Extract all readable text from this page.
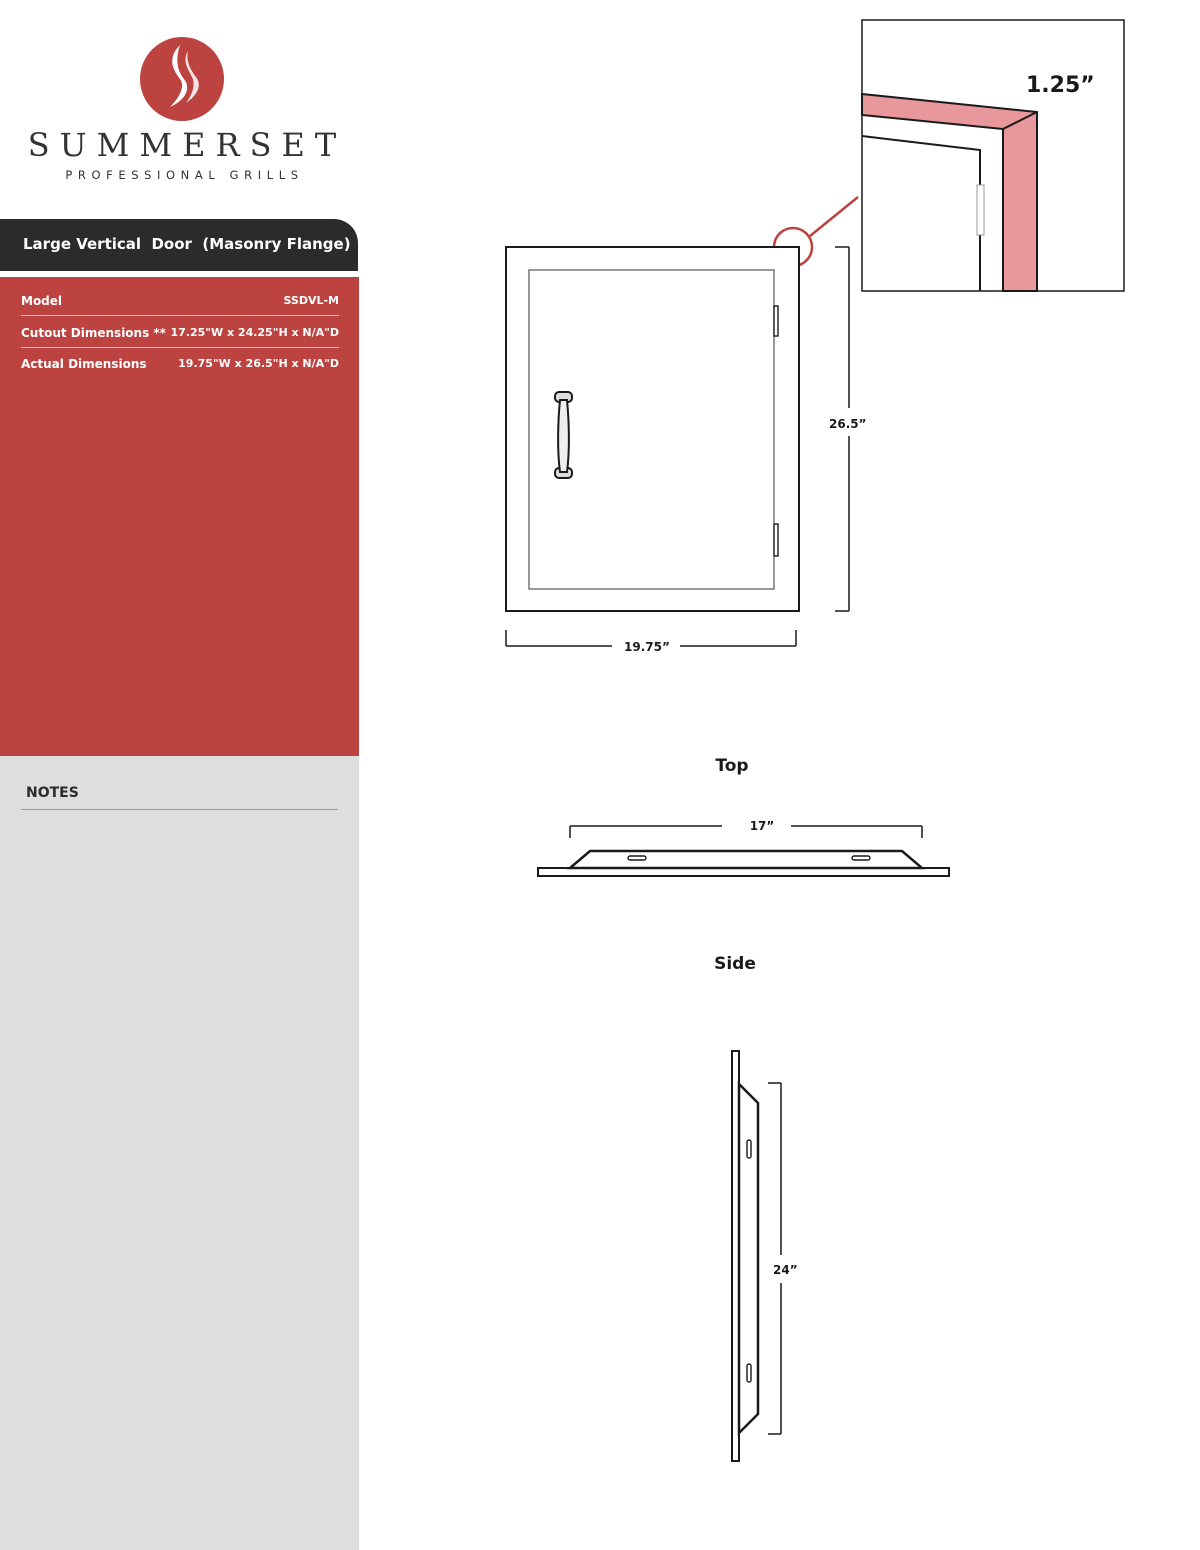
SUMMERSET
PROFESSIONAL GRILLS
Large Vertical  Door  (Masonry Flange)
Model	SSDVL-M
Cutout Dimensions ** 17.25"W x 24.25"H x N/A"D
Actual Dimensions	19.75"W x 26.5"H x N/A"D
NOTES
1.25”
26.5”
19.75”
Top
17”
Side
24”
